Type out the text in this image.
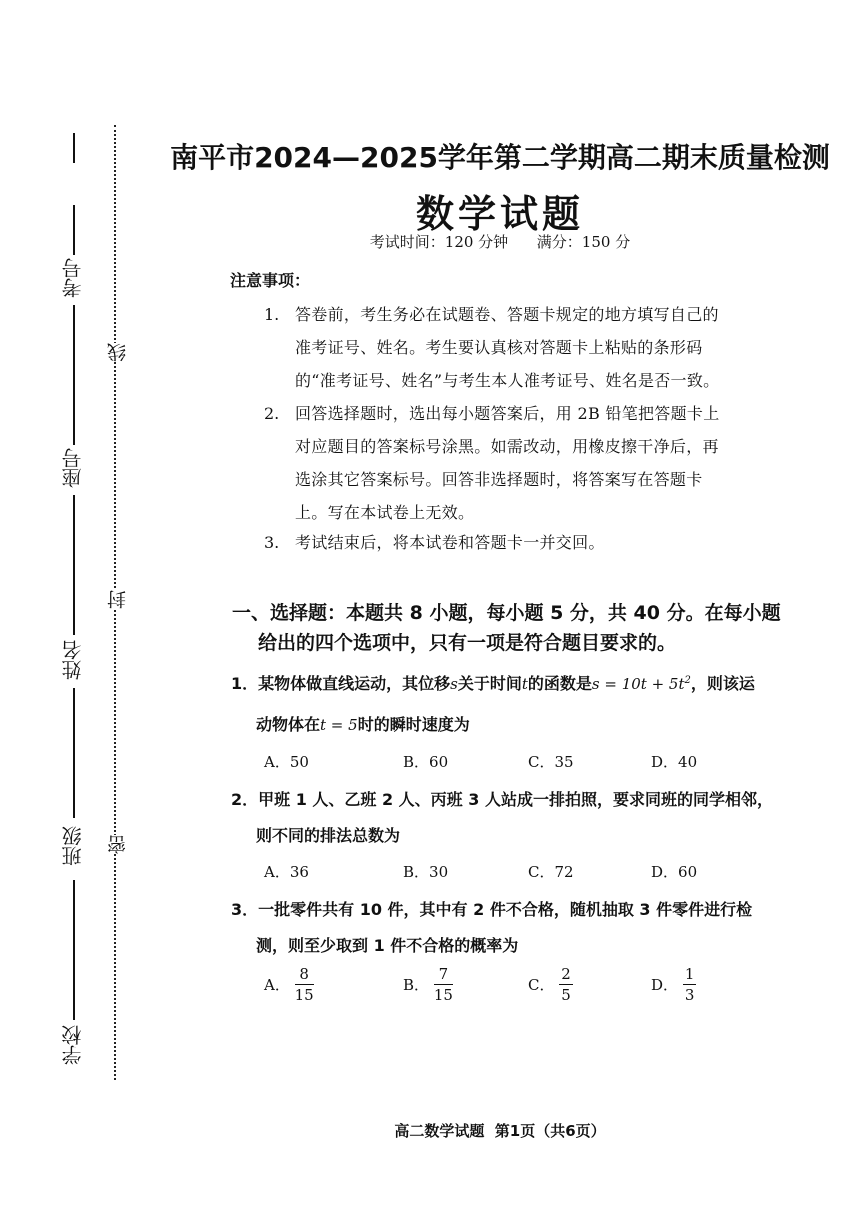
考号
座号
姓名
班级
学校
线
封
密
南平市2024—2025学年第二学期高二期末质量检测
数学试题
考试时间：120 分钟      满分：150 分
注意事项：
1. 答卷前，考生务必在试题卷、答题卡规定的地方填写自己的准考证号、姓名。考生要认真核对答题卡上粘贴的条形码的“准考证号、姓名”与考生本人准考证号、姓名是否一致。
2. 回答选择题时，选出每小题答案后，用 2B 铅笔把答题卡上对应题目的答案标号涂黑。如需改动，用橡皮擦干净后，再选涂其它答案标号。回答非选择题时，将答案写在答题卡上。写在本试卷上无效。
3. 考试结束后，将本试卷和答题卡一并交回。
一、选择题：本题共 8 小题，每小题 5 分，共 40 分。在每小题
给出的四个选项中，只有一项是符合题目要求的。
1．某物体做直线运动，其位移s关于时间t的函数是$s = 10t + 5t^2$，则该运
动物体在t = 5时的瞬时速度为
A．50	B．60	C．35	D．40
2．甲班 1 人、乙班 2 人、丙班 3 人站成一排拍照，要求同班的同学相邻，
则不同的排法总数为
A．36	B．30	C．72	D．60
3．一批零件共有 10 件，其中有 2 件不合格，随机抽取 3 件零件进行检
测，则至少取到 1 件不合格的概率为
A． $\frac{8}{15}$	B． $\frac{7}{15}$	C． $\frac{2}{5}$	D． $\frac{1}{3}$
高二数学试题  第1页（共6页）
